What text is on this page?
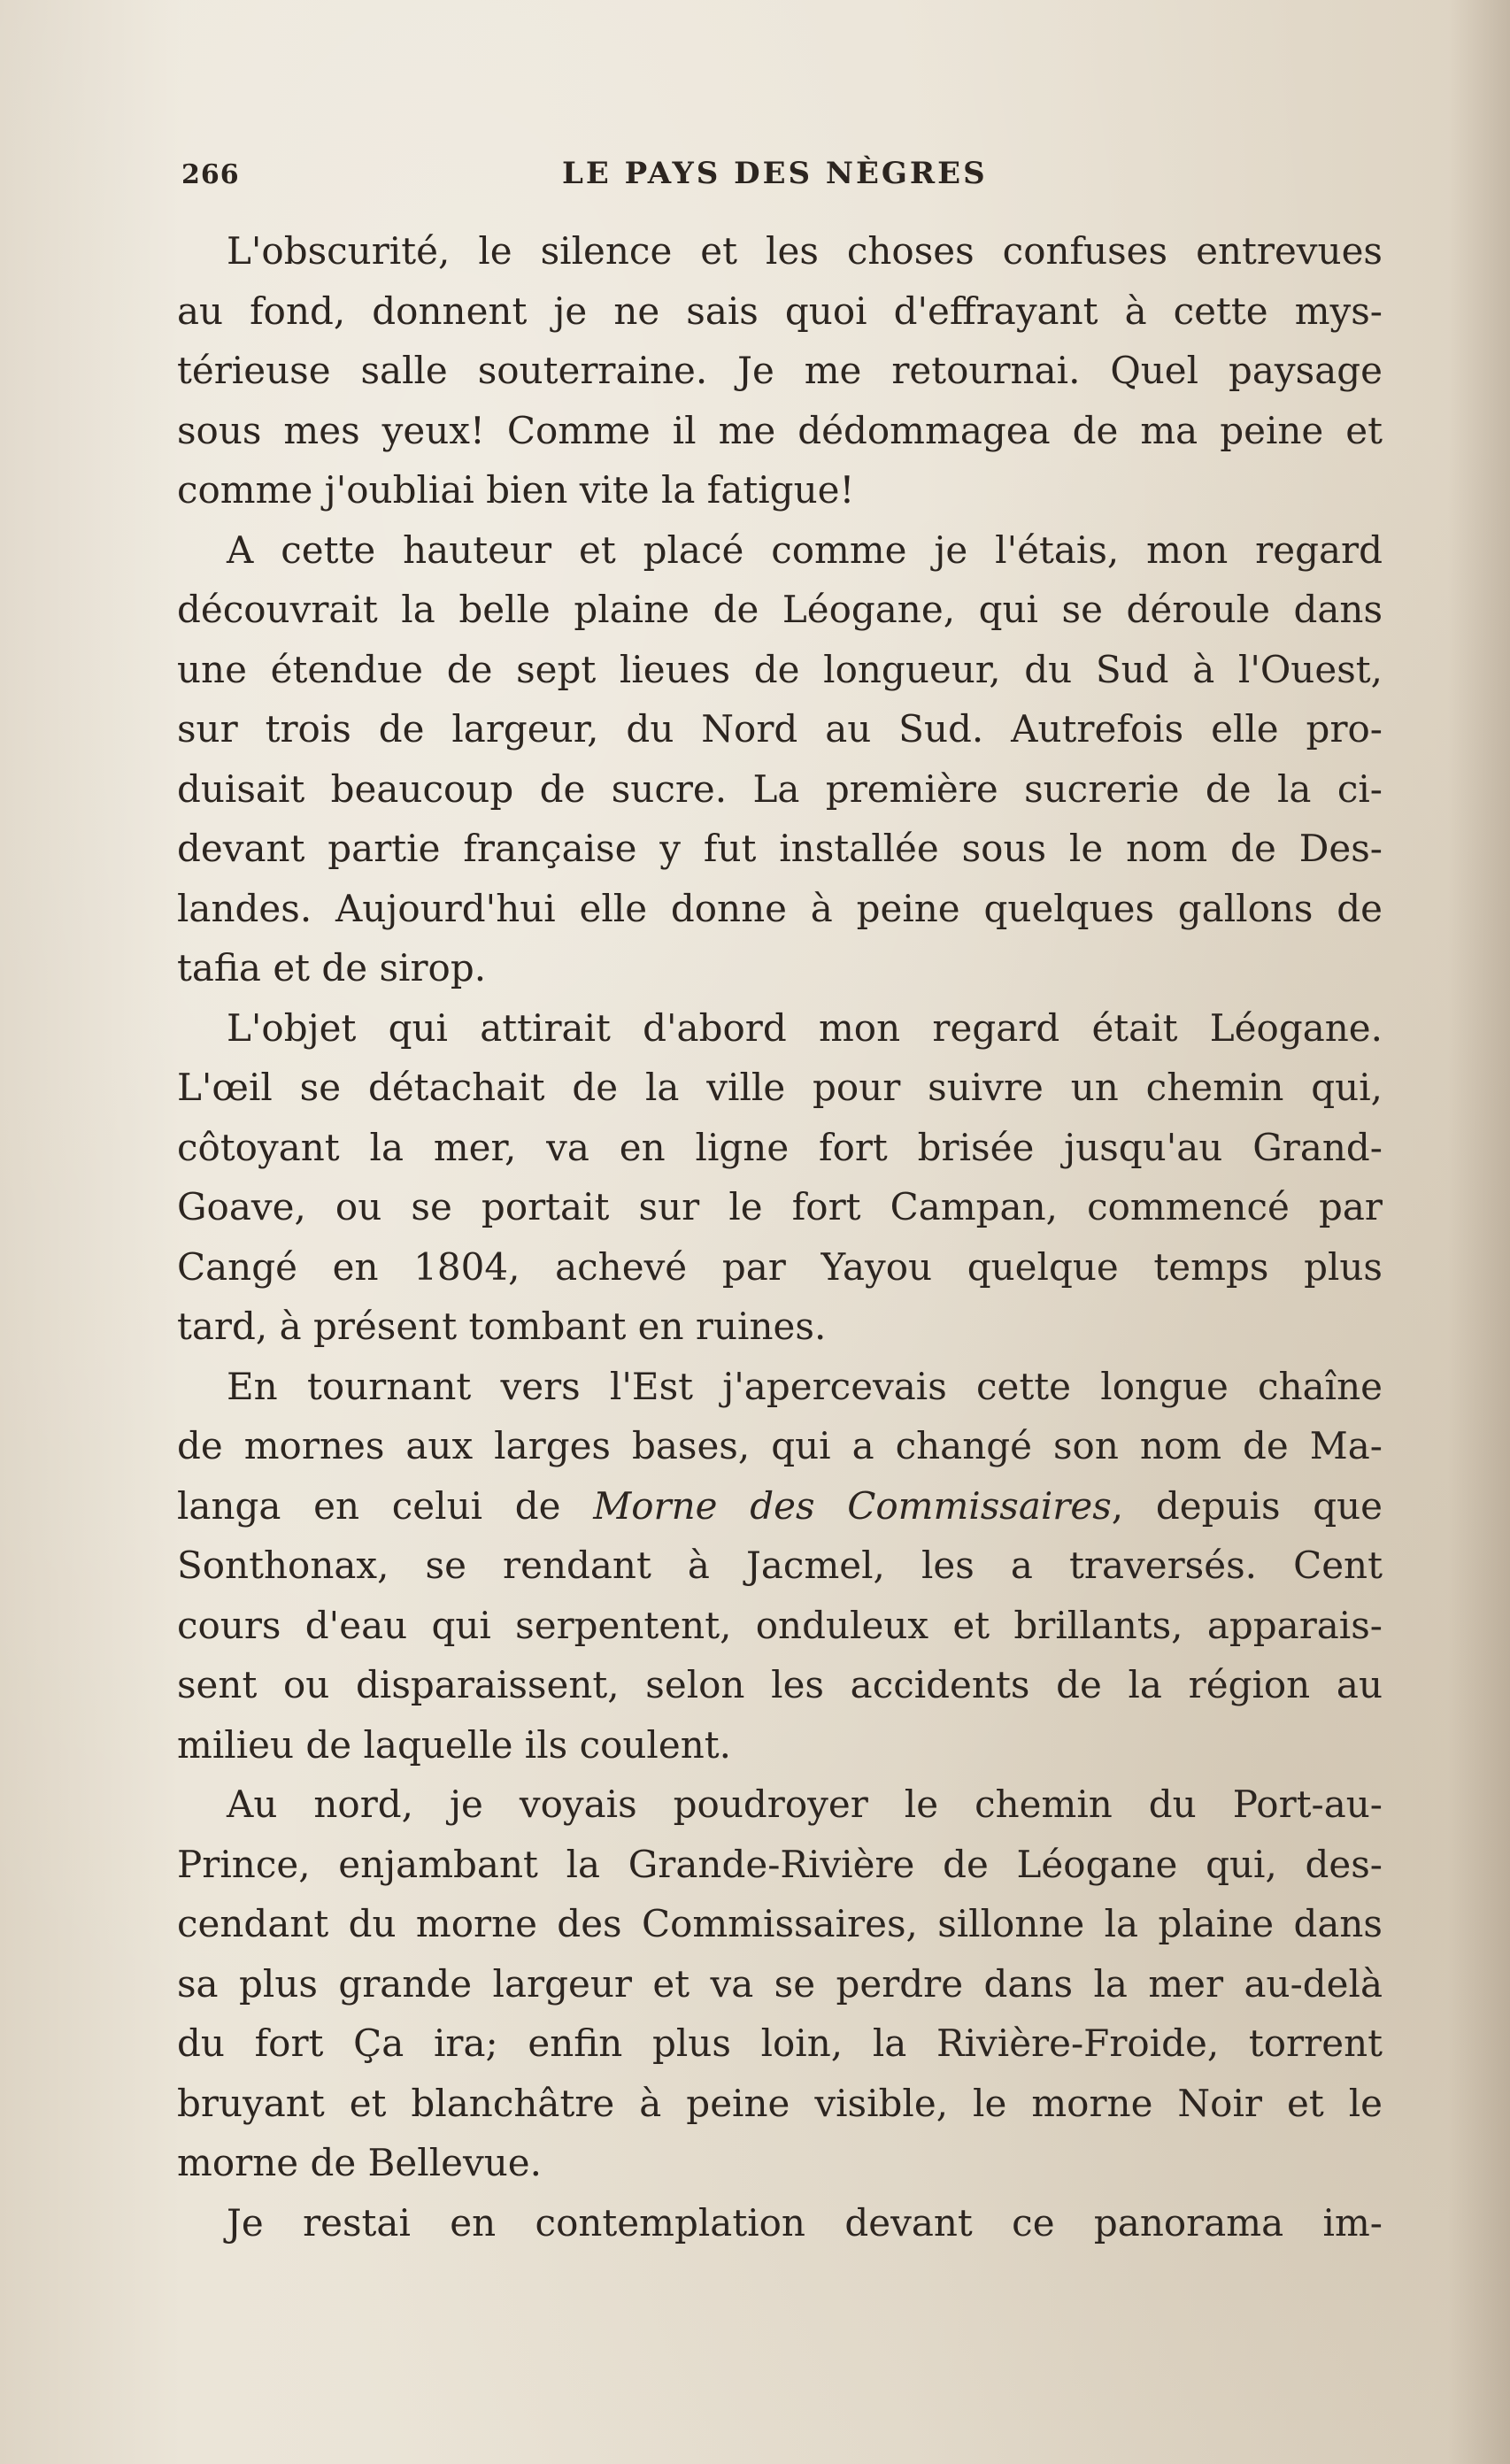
266	LE PAYS DES NÈGRES
L'obscurité, le silence et les choses confuses entrevues
au fond, donnent je ne sais quoi d'effrayant à cette mys-
térieuse salle souterraine. Je me retournai. Quel paysage
sous mes yeux! Comme il me dédommagea de ma peine et
comme j'oubliai bien vite la fatigue!
A cette hauteur et placé comme je l'étais, mon regard
découvrait la belle plaine de Léogane, qui se déroule dans
une étendue de sept lieues de longueur, du Sud à l'Ouest,
sur trois de largeur, du Nord au Sud. Autrefois elle pro-
duisait beaucoup de sucre. La première sucrerie de la ci-
devant partie française y fut installée sous le nom de Des-
landes. Aujourd'hui elle donne à peine quelques gallons de
tafia et de sirop.
L'objet qui attirait d'abord mon regard était Léogane.
L'œil se détachait de la ville pour suivre un chemin qui,
côtoyant la mer, va en ligne fort brisée jusqu'au Grand-
Goave, ou se portait sur le fort Campan, commencé par
Cangé en 1804, achevé par Yayou quelque temps plus
tard, à présent tombant en ruines.
En tournant vers l'Est j'apercevais cette longue chaîne
de mornes aux larges bases, qui a changé son nom de Ma-
langa en celui de Morne des Commissaires, depuis que
Sonthonax, se rendant à Jacmel, les a traversés. Cent
cours d'eau qui serpentent, onduleux et brillants, apparais-
sent ou disparaissent, selon les accidents de la région au
milieu de laquelle ils coulent.
Au nord, je voyais poudroyer le chemin du Port-au-
Prince, enjambant la Grande-Rivière de Léogane qui, des-
cendant du morne des Commissaires, sillonne la plaine dans
sa plus grande largeur et va se perdre dans la mer au-delà
du fort Ça ira; enfin plus loin, la Rivière-Froide, torrent
bruyant et blanchâtre à peine visible, le morne Noir et le
morne de Bellevue.
Je restai en contemplation devant ce panorama im-
